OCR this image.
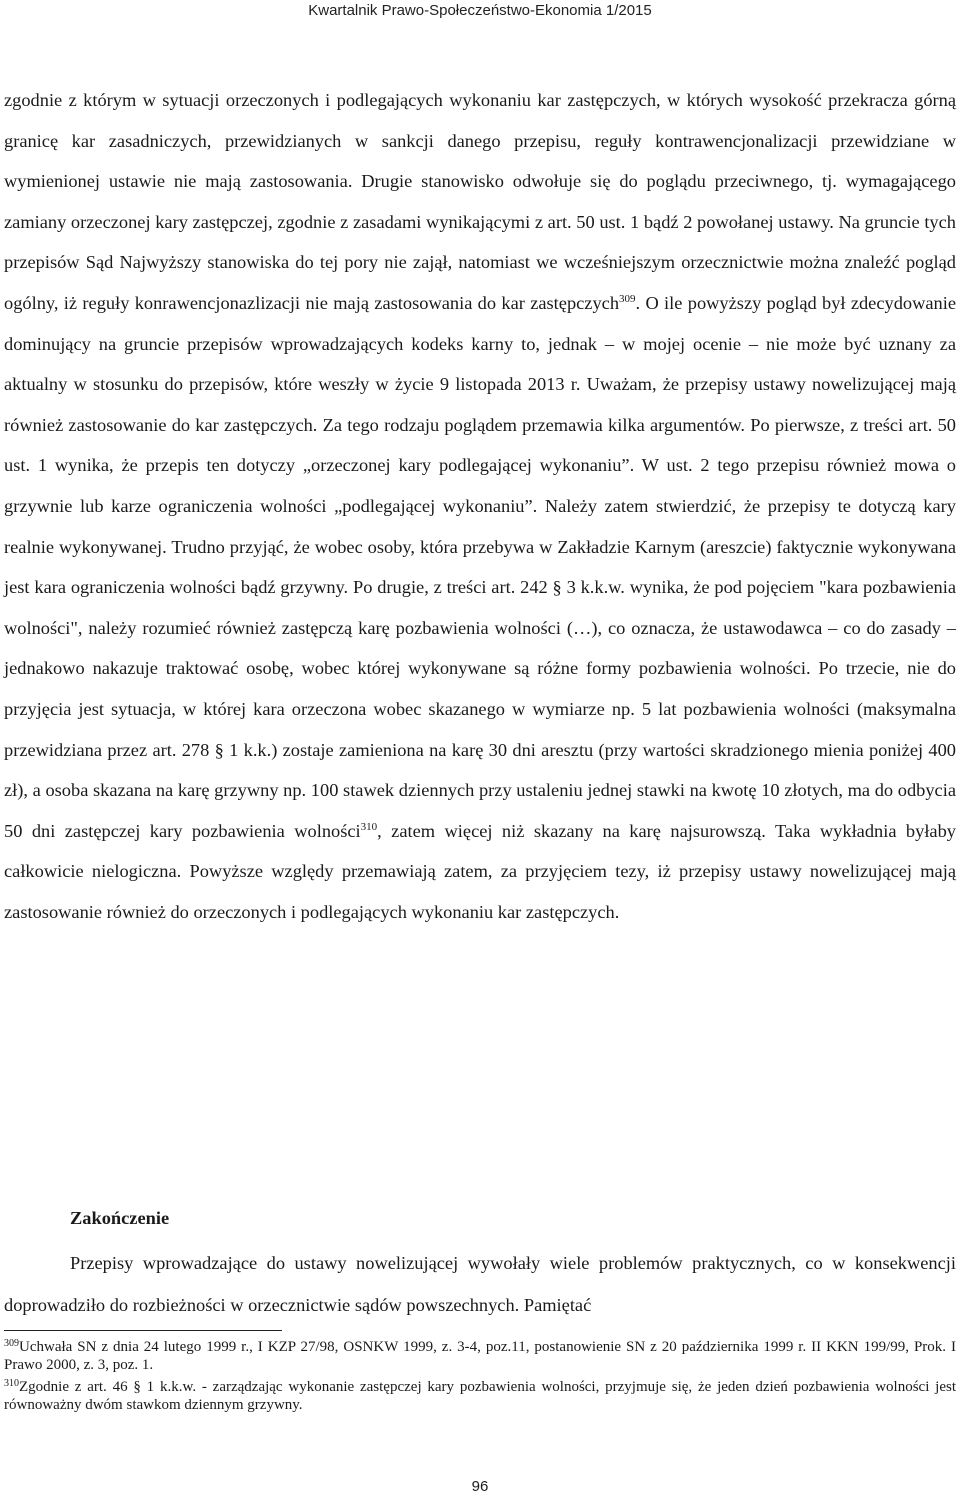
Kwartalnik Prawo-Społeczeństwo-Ekonomia 1/2015

zgodnie z którym w sytuacji orzeczonych i podlegających wykonaniu kar zastępczych, w których wysokość przekracza górną granicę kar zasadniczych, przewidzianych w sankcji danego przepisu, reguły kontrawencjonalizacji przewidziane w wymienionej ustawie nie mają zastosowania. Drugie stanowisko odwołuje się do poglądu przeciwnego, tj. wymagającego zamiany orzeczonej kary zastępczej, zgodnie z zasadami wynikającymi z art. 50 ust. 1 bądź 2 powołanej ustawy. Na gruncie tych przepisów Sąd Najwyższy stanowiska do tej pory nie zajął, natomiast we wcześniejszym orzecznictwie można znaleźć pogląd ogólny, iż reguły konrawencjonazlizacji nie mają zastosowania do kar zastępczych$^{309}$. O ile powyższy pogląd był zdecydowanie dominujący na gruncie przepisów wprowadzających kodeks karny to, jednak – w mojej ocenie – nie może być uznany za aktualny w stosunku do przepisów, które weszły w życie 9 listopada 2013 r. Uważam, że przepisy ustawy nowelizującej mają również zastosowanie do kar zastępczych. Za tego rodzaju poglądem przemawia kilka argumentów. Po pierwsze, z treści art. 50 ust. 1 wynika, że przepis ten dotyczy „orzeczonej kary podlegającej wykonaniu”. W ust. 2 tego przepisu również mowa o grzywnie lub karze ograniczenia wolności „podlegającej wykonaniu”. Należy zatem stwierdzić, że przepisy te dotyczą kary realnie wykonywanej. Trudno przyjąć, że wobec osoby, która przebywa w Zakładzie Karnym (areszcie) faktycznie wykonywana jest kara ograniczenia wolności bądź grzywny. Po drugie, z treści art. 242 § 3 k.k.w. wynika, że pod pojęciem "kara pozbawienia wolności", należy rozumieć również zastępczą karę pozbawienia wolności (…), co oznacza, że ustawodawca – co do zasady – jednakowo nakazuje traktować osobę, wobec której wykonywane są różne formy pozbawienia wolności. Po trzecie, nie do przyjęcia jest sytuacja, w której kara orzeczona wobec skazanego w wymiarze np. 5 lat pozbawienia wolności (maksymalna przewidziana przez art. 278 § 1 k.k.) zostaje zamieniona na karę 30 dni aresztu (przy wartości skradzionego mienia poniżej 400 zł), a osoba skazana na karę grzywny np. 100 stawek dziennych przy ustaleniu jednej stawki na kwotę 10 złotych, ma do odbycia 50 dni zastępczej kary pozbawienia wolności$^{310}$, zatem więcej niż skazany na karę najsurowszą. Taka wykładnia byłaby całkowicie nielogiczna. Powyższe względy przemawiają zatem, za przyjęciem tezy, iż przepisy ustawy nowelizującej mają zastosowanie również do orzeczonych i podlegających wykonaniu kar zastępczych.

Zakończenie

Przepisy wprowadzające do ustawy nowelizującej wywołały wiele problemów praktycznych, co w konsekwencji doprowadziło do rozbieżności w orzecznictwie sądów powszechnych. Pamiętać

$^{309}$Uchwała SN z dnia 24 lutego 1999 r., I KZP 27/98, OSNKW 1999, z. 3-4, poz.11, postanowienie SN z 20 października 1999 r. II KKN 199/99, Prok. I Prawo 2000, z. 3, poz. 1.

$^{310}$Zgodnie z art. 46 § 1 k.k.w. - zarządzając wykonanie zastępczej kary pozbawienia wolności, przyjmuje się, że jeden dzień pozbawienia wolności jest równoważny dwóm stawkom dziennym grzywny.

96
